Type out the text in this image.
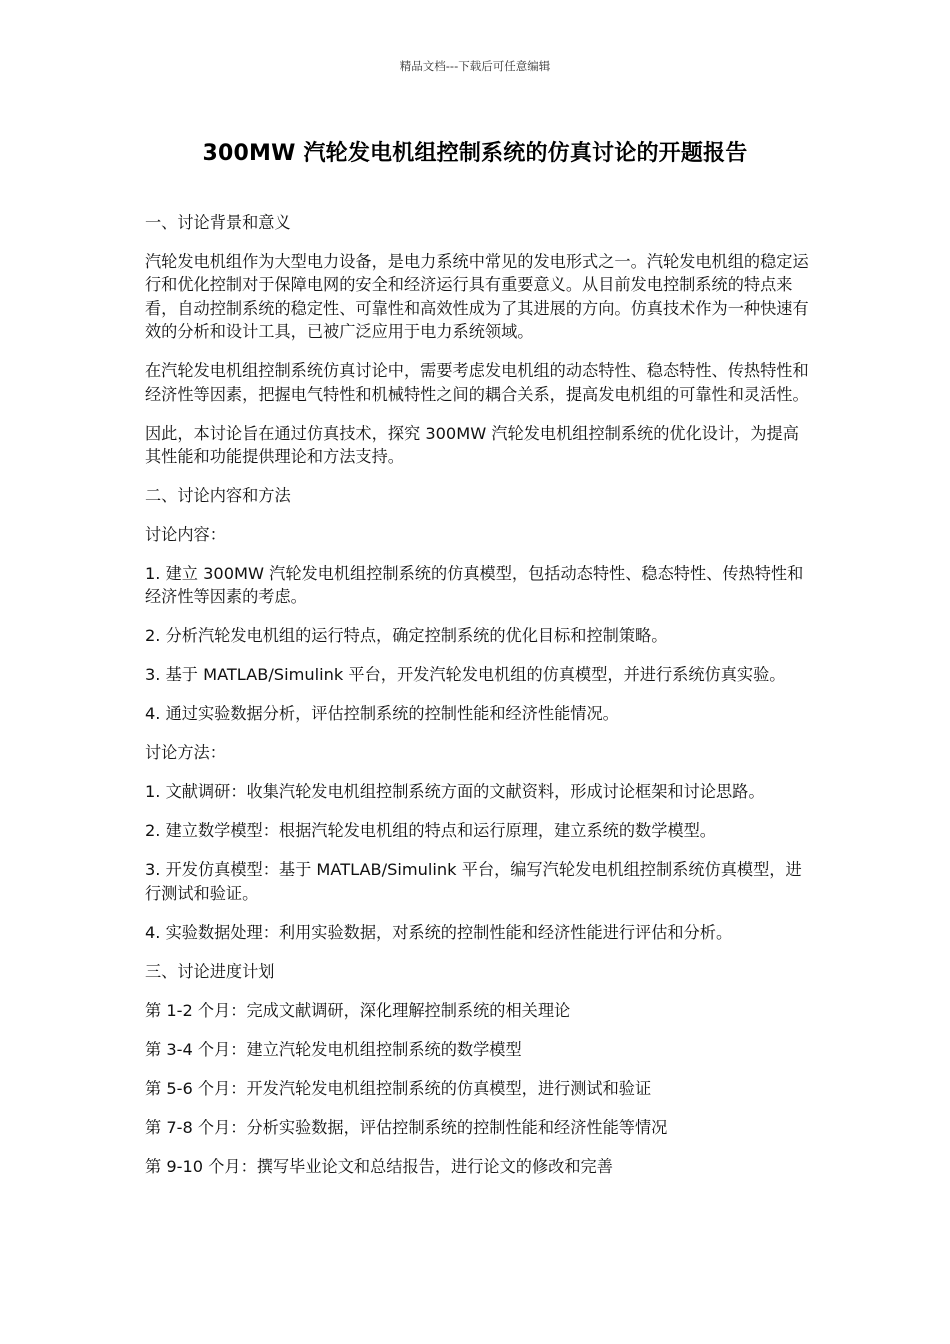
精品文档---下载后可任意编辑
300MW 汽轮发电机组控制系统的仿真讨论的开题报告

一、讨论背景和意义

汽轮发电机组作为大型电力设备，是电力系统中常见的发电形式之一。汽轮发电机组的稳定运行和优化控制对于保障电网的安全和经济运行具有重要意义。从目前发电控制系统的特点来看，自动控制系统的稳定性、可靠性和高效性成为了其进展的方向。仿真技术作为一种快速有效的分析和设计工具，已被广泛应用于电力系统领域。

在汽轮发电机组控制系统仿真讨论中，需要考虑发电机组的动态特性、稳态特性、传热特性和经济性等因素，把握电气特性和机械特性之间的耦合关系，提高发电机组的可靠性和灵活性。

因此，本讨论旨在通过仿真技术，探究 300MW 汽轮发电机组控制系统的优化设计，为提高其性能和功能提供理论和方法支持。

二、讨论内容和方法

讨论内容：

1. 建立 300MW 汽轮发电机组控制系统的仿真模型，包括动态特性、稳态特性、传热特性和经济性等因素的考虑。

2. 分析汽轮发电机组的运行特点，确定控制系统的优化目标和控制策略。

3. 基于 MATLAB/Simulink 平台，开发汽轮发电机组的仿真模型，并进行系统仿真实验。

4. 通过实验数据分析，评估控制系统的控制性能和经济性能情况。

讨论方法：

1. 文献调研：收集汽轮发电机组控制系统方面的文献资料，形成讨论框架和讨论思路。

2. 建立数学模型：根据汽轮发电机组的特点和运行原理，建立系统的数学模型。

3. 开发仿真模型：基于 MATLAB/Simulink 平台，编写汽轮发电机组控制系统仿真模型，进行测试和验证。

4. 实验数据处理：利用实验数据，对系统的控制性能和经济性能进行评估和分析。

三、讨论进度计划

第 1-2 个月：完成文献调研，深化理解控制系统的相关理论

第 3-4 个月：建立汽轮发电机组控制系统的数学模型

第 5-6 个月：开发汽轮发电机组控制系统的仿真模型，进行测试和验证

第 7-8 个月：分析实验数据，评估控制系统的控制性能和经济性能等情况

第 9-10 个月：撰写毕业论文和总结报告，进行论文的修改和完善
